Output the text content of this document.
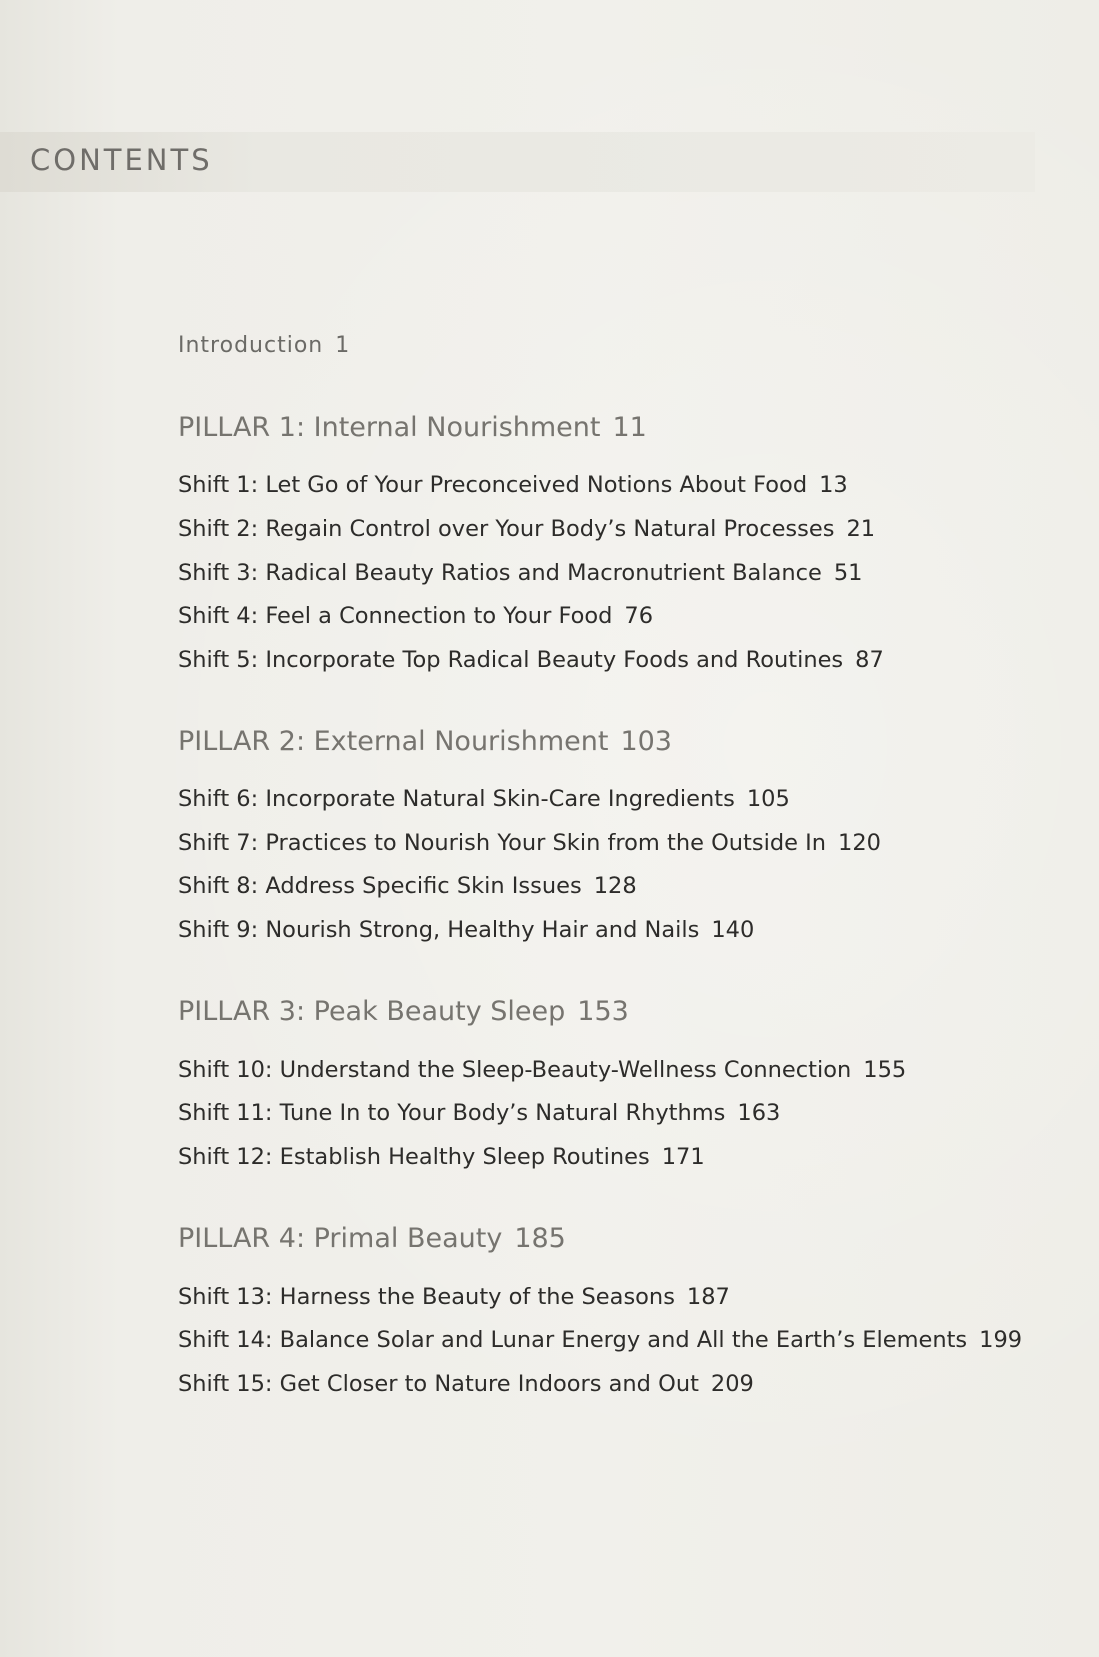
CONTENTS
Introduction 1
PILLAR 1: Internal Nourishment 11
Shift 1: Let Go of Your Preconceived Notions About Food 13
Shift 2: Regain Control over Your Body’s Natural Processes 21
Shift 3: Radical Beauty Ratios and Macronutrient Balance 51
Shift 4: Feel a Connection to Your Food 76
Shift 5: Incorporate Top Radical Beauty Foods and Routines 87
PILLAR 2: External Nourishment 103
Shift 6: Incorporate Natural Skin-Care Ingredients 105
Shift 7: Practices to Nourish Your Skin from the Outside In 120
Shift 8: Address Specific Skin Issues 128
Shift 9: Nourish Strong, Healthy Hair and Nails 140
PILLAR 3: Peak Beauty Sleep 153
Shift 10: Understand the Sleep-Beauty-Wellness Connection 155
Shift 11: Tune In to Your Body’s Natural Rhythms 163
Shift 12: Establish Healthy Sleep Routines 171
PILLAR 4: Primal Beauty 185
Shift 13: Harness the Beauty of the Seasons 187
Shift 14: Balance Solar and Lunar Energy and All the Earth’s Elements 199
Shift 15: Get Closer to Nature Indoors and Out 209
